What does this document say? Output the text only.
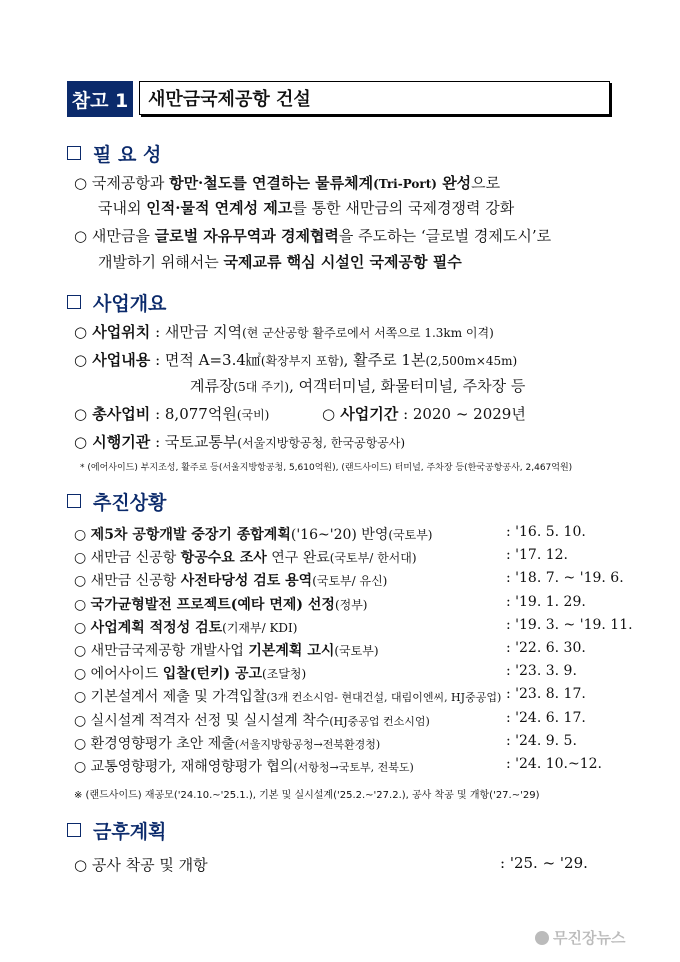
참고 1	새만금국제공항 건설
필 요 성
○ 국제공항과 항만·철도를 연결하는 물류체계(Tri-Port) 완성으로
국내외 인적·물적 연계성 제고를 통한 새만금의 국제경쟁력 강화
○ 새만금을 글로벌 자유무역과 경제협력을 주도하는 ‘글로벌 경제도시’로
개발하기 위해서는 국제교류 핵심 시설인 국제공항 필수
사업개요
○ 사업위치 : 새만금 지역(현 군산공항 활주로에서 서쪽으로 1.3km 이격)
○ 사업내용 : 면적 A=3.4㎢(확장부지 포함), 활주로 1본(2,500m×45m)
계류장(5대 주기), 여객터미널, 화물터미널, 주차장 등
○ 총사업비 : 8,077억원(국비)	○ 사업기간 : 2020 ~ 2029년
○ 시행기관 : 국토교통부(서울지방항공청, 한국공항공사)
* (에어사이드) 부지조성, 활주로 등(서울지방항공청, 5,610억원), (랜드사이드) 터미널, 주차장 등(한국공항공사, 2,467억원)
추진상황
○ 제5차 공항개발 중장기 종합계획('16~'20) 반영(국토부)	: '16. 5. 10.
○ 새만금 신공항 항공수요 조사 연구 완료(국토부/ 한서대)	: '17. 12.
○ 새만금 신공항 사전타당성 검토 용역(국토부/ 유신)	: '18. 7. ~ '19. 6.
○ 국가균형발전 프로젝트(예타 면제) 선정(정부)	: '19. 1. 29.
○ 사업계획 적정성 검토(기재부/ KDI)	: '19. 3. ~ '19. 11.
○ 새만금국제공항 개발사업 기본계획 고시(국토부)	: '22. 6. 30.
○ 에어사이드 입찰(턴키) 공고(조달청)	: '23. 3. 9.
○ 기본설계서 제출 및 가격입찰(3개 컨소시엄- 현대건설, 대림이엔씨, HJ중공업) : '23. 8. 17.
○ 실시설계 적격자 선정 및 실시설계 착수(HJ중공업 컨소시엄)	: '24. 6. 17.
○ 환경영향평가 초안 제출(서울지방항공청→전북환경청)	: '24. 9. 5.
○ 교통영향평가, 재해영향평가 협의(서항청→국토부, 전북도)	: '24. 10.~12.
※ (랜드사이드) 재공모('24.10.~'25.1.), 기본 및 실시설계('25.2.~'27.2.), 공사 착공 및 개항('27.~'29)
금후계획
○ 공사 착공 및 개항	: '25. ~ '29.
무진장뉴스
